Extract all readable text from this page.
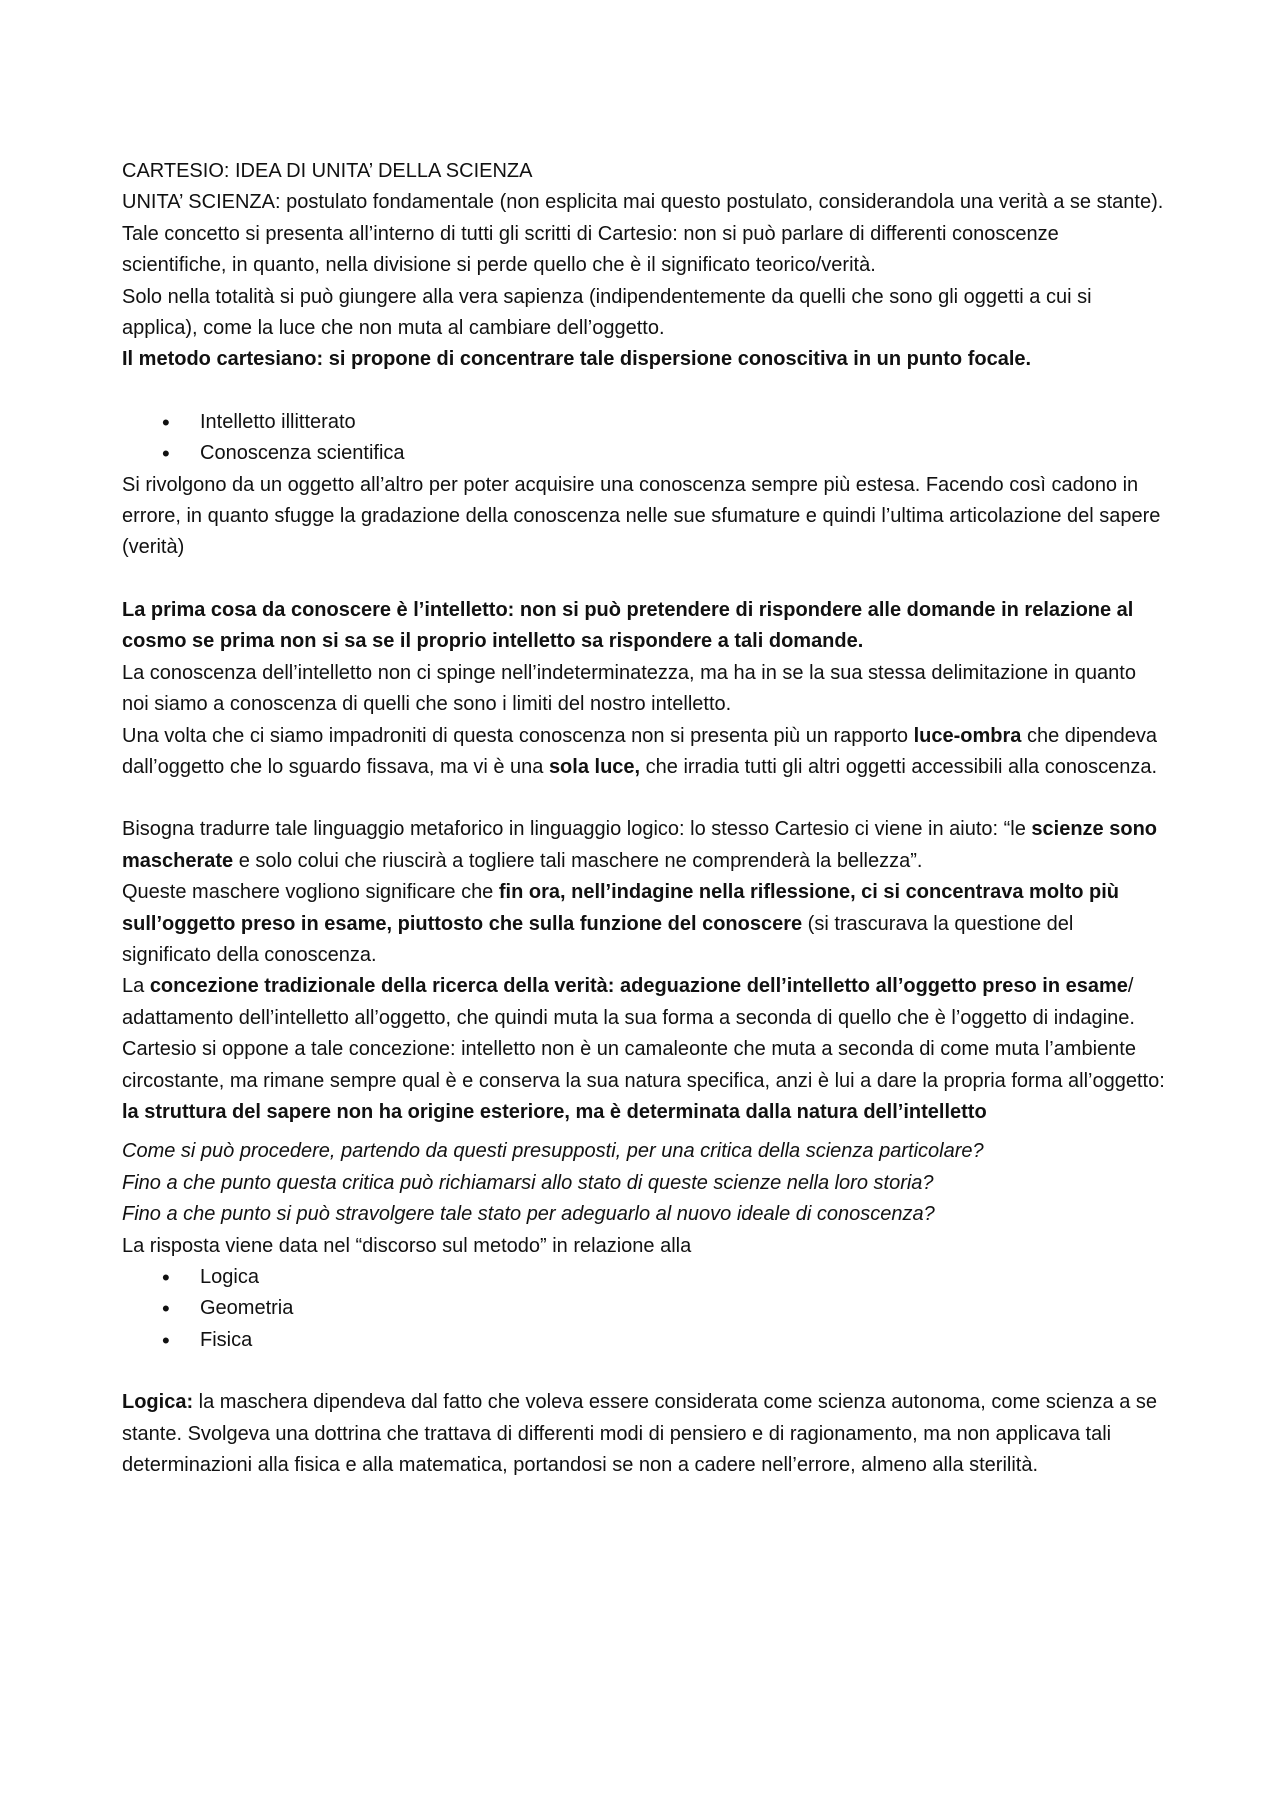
CARTESIO: IDEA DI UNITA’ DELLA SCIENZA

UNITA’ SCIENZA: postulato fondamentale (non esplicita mai questo postulato, considerandola una verità a se stante).

Tale concetto si presenta all’interno di tutti gli scritti di Cartesio: non si può parlare di differenti conoscenze scientifiche, in quanto, nella divisione si perde quello che è il significato teorico/verità.

Solo nella totalità si può giungere alla vera sapienza (indipendentemente da quelli che sono gli oggetti a cui si applica), come la luce che non muta al cambiare dell’oggetto.

Il metodo cartesiano: si propone di concentrare tale dispersione conoscitiva in un punto focale.

• Intelletto illitterato
• Conoscenza scientifica

Si rivolgono da un oggetto all’altro per poter acquisire una conoscenza sempre più estesa. Facendo così cadono in errore, in quanto sfugge la gradazione della conoscenza nelle sue sfumature e quindi l’ultima articolazione del sapere (verità)

La prima cosa da conoscere è l’intelletto: non si può pretendere di rispondere alle domande in relazione al cosmo se prima non si sa se il proprio intelletto sa rispondere a tali domande.

La conoscenza dell’intelletto non ci spinge nell’indeterminatezza, ma ha in se la sua stessa delimitazione in quanto noi siamo a conoscenza di quelli che sono i limiti del nostro intelletto.

Una volta che ci siamo impadroniti di questa conoscenza non si presenta più un rapporto luce-ombra che dipendeva dall’oggetto che lo sguardo fissava, ma vi è una sola luce, che irradia tutti gli altri oggetti accessibili alla conoscenza.

Bisogna tradurre tale linguaggio metaforico in linguaggio logico: lo stesso Cartesio ci viene in aiuto: “le scienze sono mascherate e solo colui che riuscirà a togliere tali maschere ne comprenderà la bellezza”.

Queste maschere vogliono significare che fin ora, nell’indagine nella riflessione, ci si concentrava molto più sull’oggetto preso in esame, piuttosto che sulla funzione del conoscere (si trascurava la questione del significato della conoscenza.

La concezione tradizionale della ricerca della verità: adeguazione dell’intelletto all’oggetto preso in esame/ adattamento dell’intelletto all’oggetto, che quindi muta la sua forma a seconda di quello che è l’oggetto di indagine.

Cartesio si oppone a tale concezione: intelletto non è un camaleonte che muta a seconda di come muta l’ambiente circostante, ma rimane sempre qual è e conserva la sua natura specifica, anzi è lui a dare la propria forma all’oggetto: la struttura del sapere non ha origine esteriore, ma è determinata dalla natura dell’intelletto

Come si può procedere, partendo da questi presupposti, per una critica della scienza particolare?

Fino a che punto questa critica può richiamarsi allo stato di queste scienze nella loro storia?

Fino a che punto si può stravolgere tale stato per adeguarlo al nuovo ideale di conoscenza?

La risposta viene data nel “discorso sul metodo” in relazione alla

• Logica
• Geometria
• Fisica

Logica: la maschera dipendeva dal fatto che voleva essere considerata come scienza autonoma, come scienza a se stante. Svolgeva una dottrina che trattava di differenti modi di pensiero e di ragionamento, ma non applicava tali determinazioni alla fisica e alla matematica, portandosi se non a cadere nell’errore, almeno alla sterilità.
